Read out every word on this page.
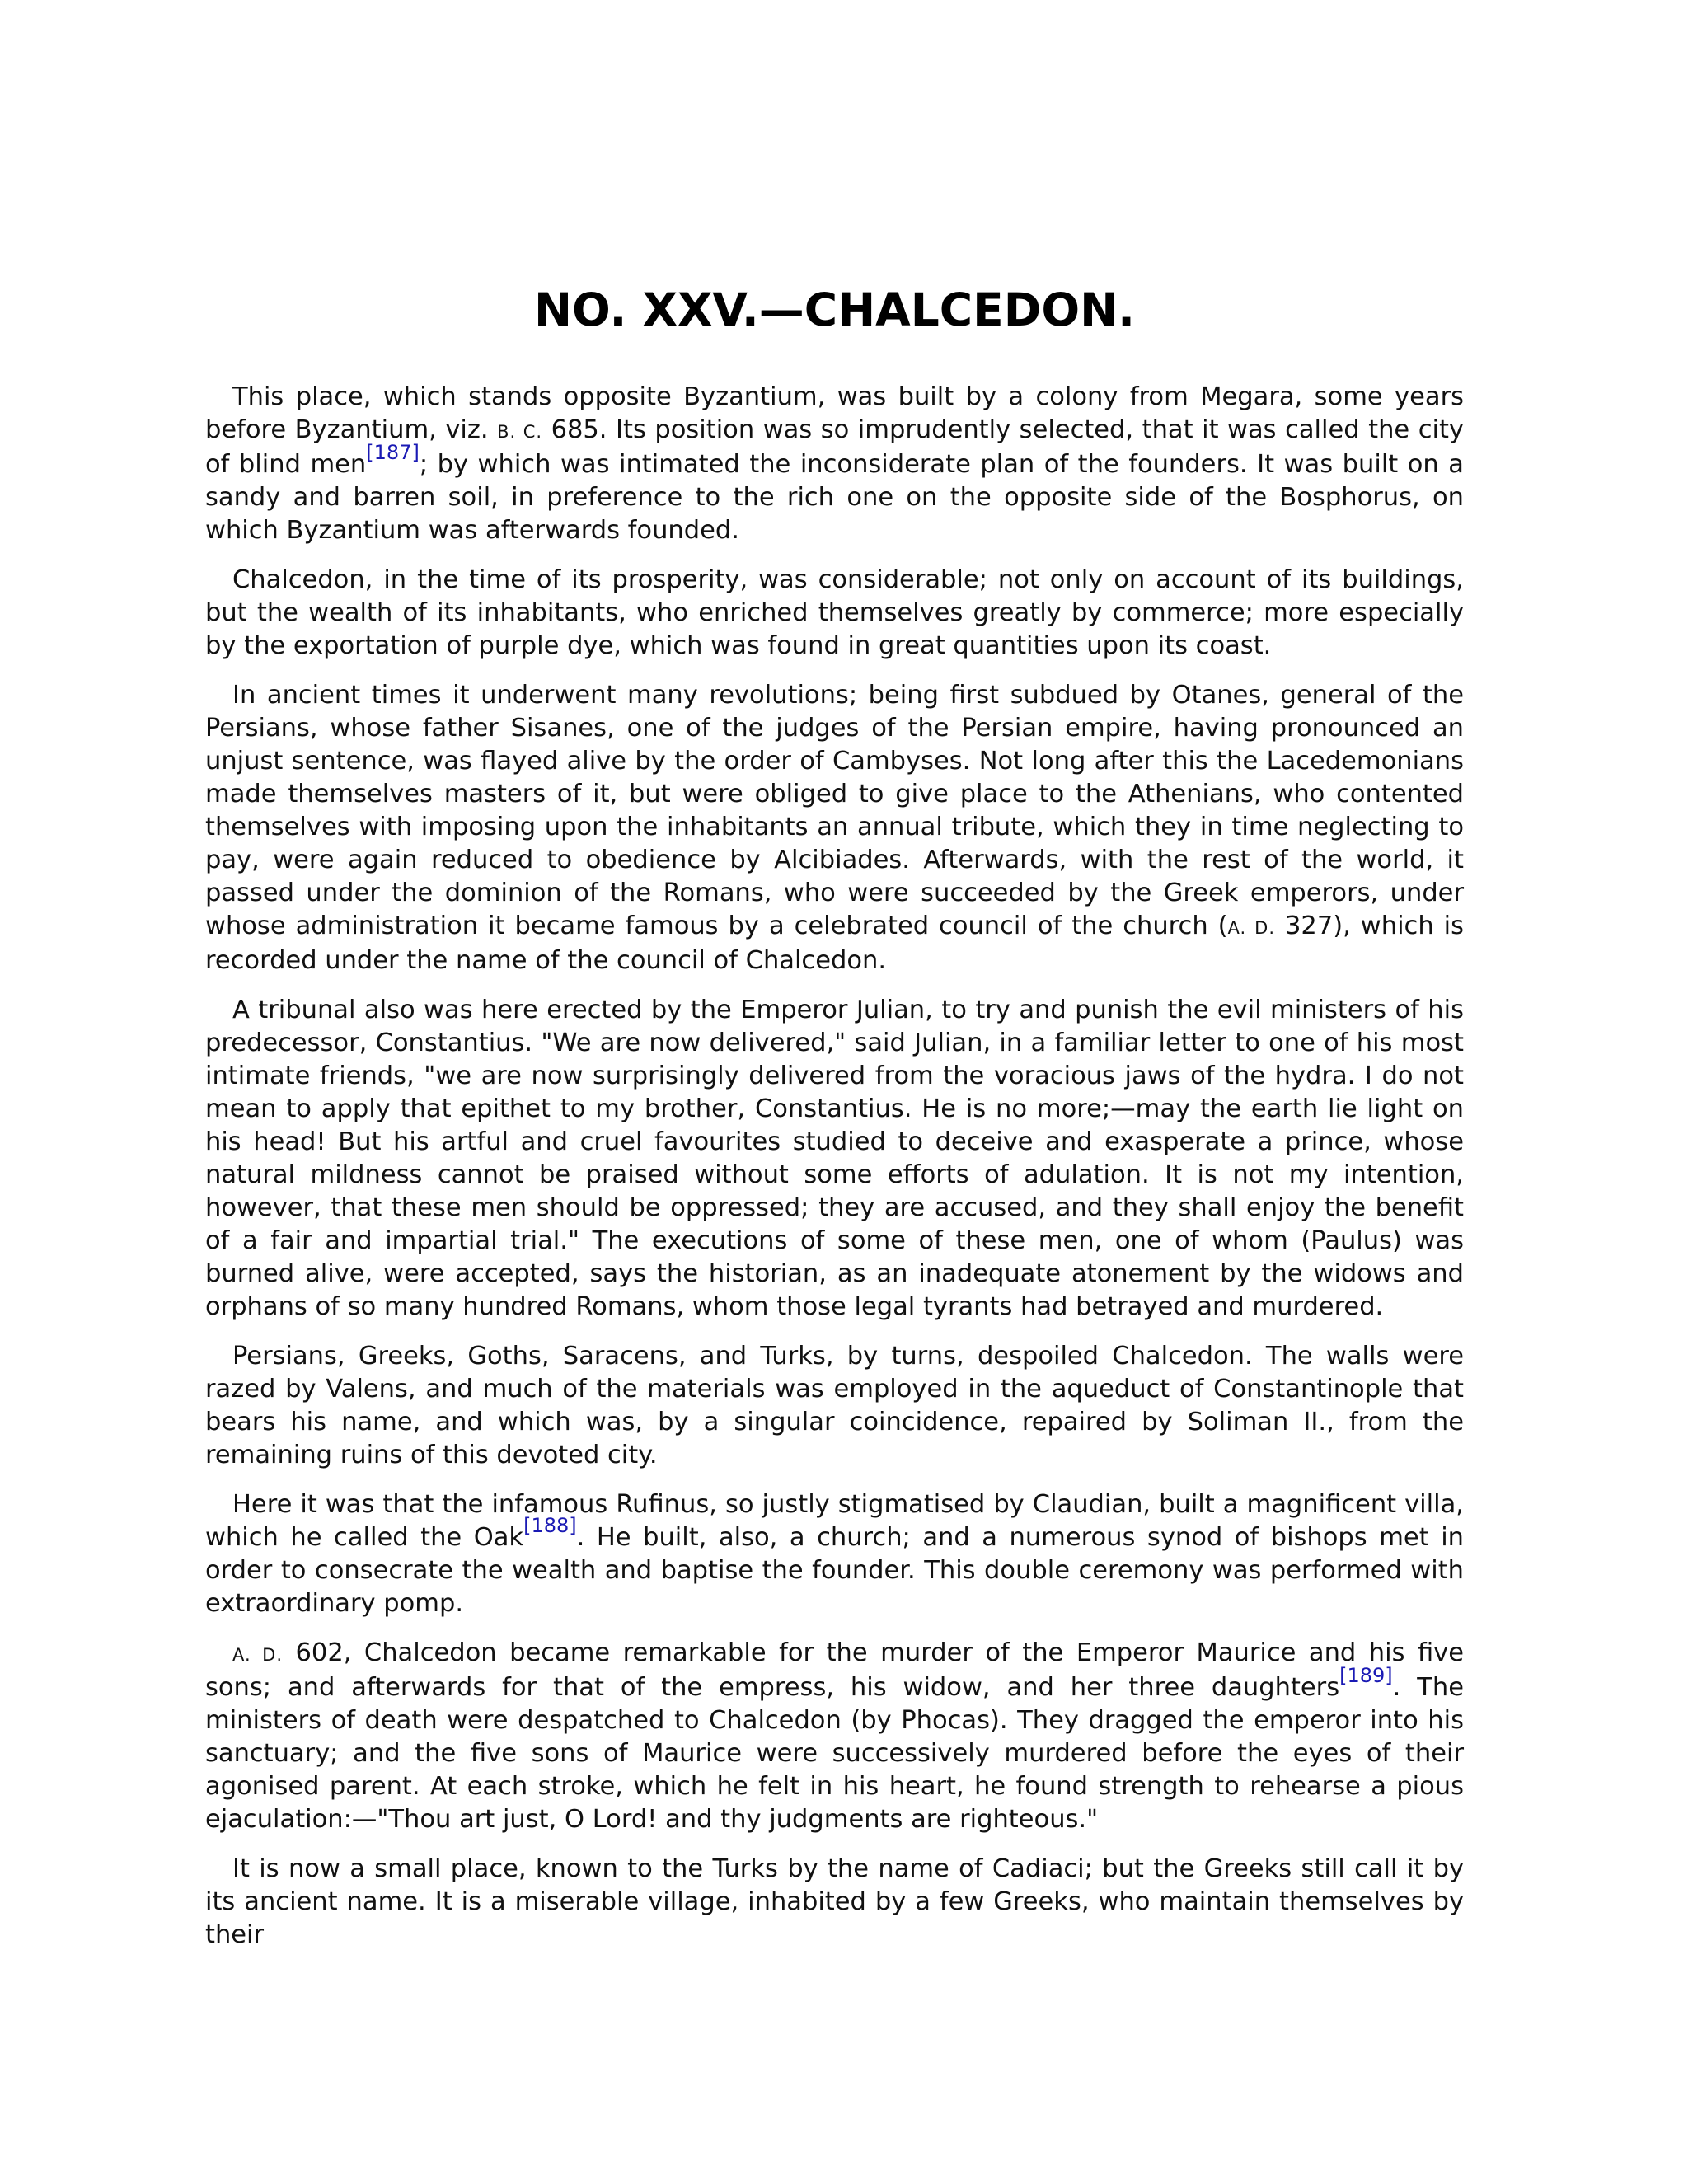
NO. XXV.—CHALCEDON.

This place, which stands opposite Byzantium, was built by a colony from Megara, some years before Byzantium, viz. B. C. 685. Its position was so imprudently selected, that it was called the city of blind men[187]; by which was intimated the inconsiderate plan of the founders. It was built on a sandy and barren soil, in preference to the rich one on the opposite side of the Bosphorus, on which Byzantium was afterwards founded.

Chalcedon, in the time of its prosperity, was considerable; not only on account of its buildings, but the wealth of its inhabitants, who enriched themselves greatly by commerce; more especially by the exportation of purple dye, which was found in great quantities upon its coast.

In ancient times it underwent many revolutions; being first subdued by Otanes, general of the Persians, whose father Sisanes, one of the judges of the Persian empire, having pronounced an unjust sentence, was flayed alive by the order of Cambyses. Not long after this the Lacedemonians made themselves masters of it, but were obliged to give place to the Athenians, who contented themselves with imposing upon the inhabitants an annual tribute, which they in time neglecting to pay, were again reduced to obedience by Alcibiades. Afterwards, with the rest of the world, it passed under the dominion of the Romans, who were succeeded by the Greek emperors, under whose administration it became famous by a celebrated council of the church (A. D. 327), which is recorded under the name of the council of Chalcedon.

A tribunal also was here erected by the Emperor Julian, to try and punish the evil ministers of his predecessor, Constantius. "We are now delivered," said Julian, in a familiar letter to one of his most intimate friends, "we are now surprisingly delivered from the voracious jaws of the hydra. I do not mean to apply that epithet to my brother, Constantius. He is no more;—may the earth lie light on his head! But his artful and cruel favourites studied to deceive and exasperate a prince, whose natural mildness cannot be praised without some efforts of adulation. It is not my intention, however, that these men should be oppressed; they are accused, and they shall enjoy the benefit of a fair and impartial trial." The executions of some of these men, one of whom (Paulus) was burned alive, were accepted, says the historian, as an inadequate atonement by the widows and orphans of so many hundred Romans, whom those legal tyrants had betrayed and murdered.

Persians, Greeks, Goths, Saracens, and Turks, by turns, despoiled Chalcedon. The walls were razed by Valens, and much of the materials was employed in the aqueduct of Constantinople that bears his name, and which was, by a singular coincidence, repaired by Soliman II., from the remaining ruins of this devoted city.

Here it was that the infamous Rufinus, so justly stigmatised by Claudian, built a magnificent villa, which he called the Oak[188]. He built, also, a church; and a numerous synod of bishops met in order to consecrate the wealth and baptise the founder. This double ceremony was performed with extraordinary pomp.

A. D. 602, Chalcedon became remarkable for the murder of the Emperor Maurice and his five sons; and afterwards for that of the empress, his widow, and her three daughters[189]. The ministers of death were despatched to Chalcedon (by Phocas). They dragged the emperor into his sanctuary; and the five sons of Maurice were successively murdered before the eyes of their agonised parent. At each stroke, which he felt in his heart, he found strength to rehearse a pious ejaculation:—"Thou art just, O Lord! and thy judgments are righteous."

It is now a small place, known to the Turks by the name of Cadiaci; but the Greeks still call it by its ancient name. It is a miserable village, inhabited by a few Greeks, who maintain themselves by their
